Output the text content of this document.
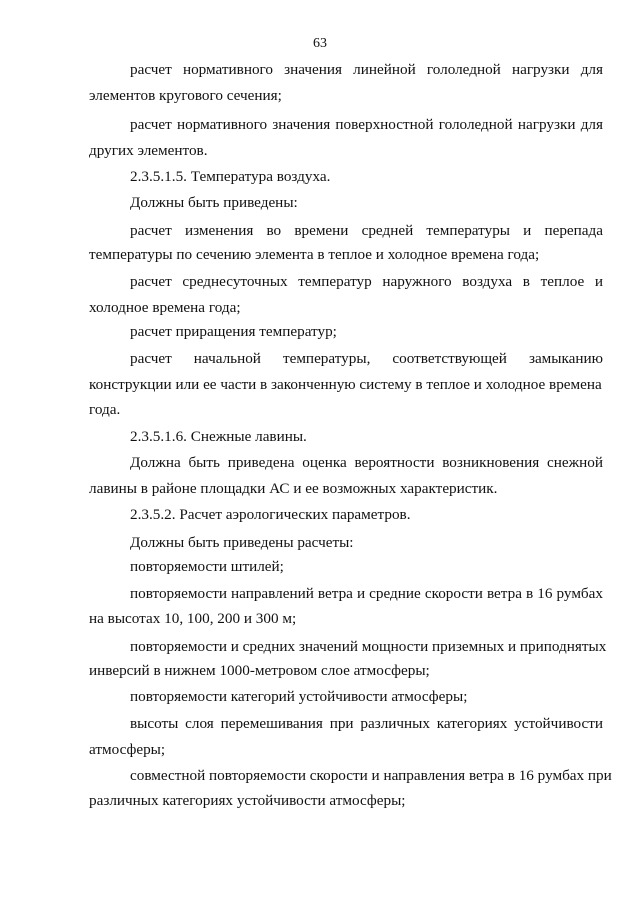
63
расчет нормативного значения линейной гололедной нагрузки для
элементов кругового сечения;
расчет нормативного значения поверхностной гололедной нагрузки для
других элементов.
2.3.5.1.5. Температура воздуха.
Должны быть приведены:
расчет изменения во времени средней температуры и перепада
температуры по сечению элемента в теплое и холодное времена года;
расчет среднесуточных температур наружного воздуха в теплое и
холодное времена года;
расчет приращения температур;
расчет начальной температуры, соответствующей замыканию
конструкции или ее части в законченную систему в теплое и холодное времена
года.
2.3.5.1.6. Снежные лавины.
Должна быть приведена оценка вероятности возникновения снежной
лавины в районе площадки АС и ее возможных характеристик.
2.3.5.2. Расчет аэрологических параметров.
Должны быть приведены расчеты:
повторяемости штилей;
повторяемости направлений ветра и средние скорости ветра в 16 румбах
на высотах 10, 100, 200 и 300 м;
повторяемости и средних значений мощности приземных и приподнятых
инверсий в нижнем 1000-метровом слое атмосферы;
повторяемости категорий устойчивости атмосферы;
высоты слоя перемешивания при различных категориях устойчивости
атмосферы;
совместной повторяемости скорости и направления ветра в 16 румбах при
различных категориях устойчивости атмосферы;
